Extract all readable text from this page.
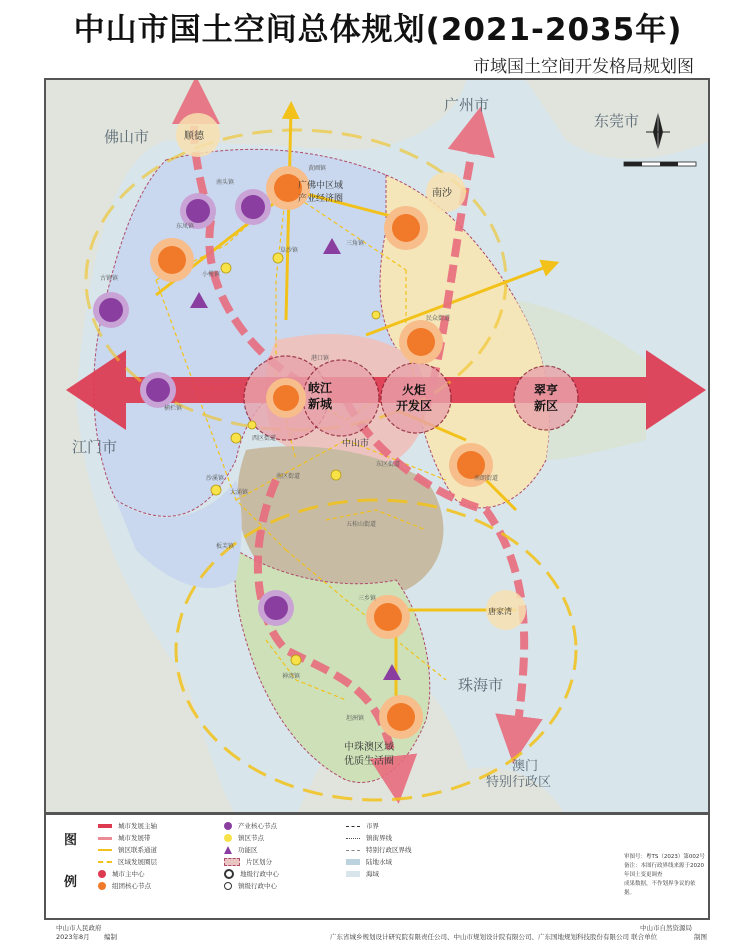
中山市国土空间总体规划(2021-2035年)
市域国土空间开发格局规划图
佛山市
广州市
东莞市
江门市
珠海市
澳门
特别行政区
顺德
南沙
唐家湾
中山市
翠亨
新区
火炬
开发区
岐江
新城
广佛中区域
产业经济圈
中珠澳区域
优质生活圈
黄圃镇
南头镇
东凤镇
阜沙镇
三角镇
小榄镇
古镇镇
民众街道
港口镇
横栏镇
西区街道
东区街道
南区街道
五桂山街道
板芙镇
三乡镇
神湾镇
坦洲镇
南朗街道
大涌镇
沙溪镇
图
例
城市发展主轴
城市发展带
镇区联系通道
区域发展圈层
城市主中心
组团核心节点
产业核心节点
镇区节点
功能区
片区划分
地级行政中心
镇级行政中心
市界
镇街界线
特别行政区界线
陆地水域
海域
审图号：粤TS（2023）第002号
备注：本图行政界线来源于2020年国土变更调查
成果数据，不作划界争议的依据。
中山市人民政府
2023年8月	编制	广东省城乡规划设计研究院有限责任公司、中山市规划设计院有限公司、广东国地规划科技股份有限公司 联合单位
中山市自然资源局
制图
